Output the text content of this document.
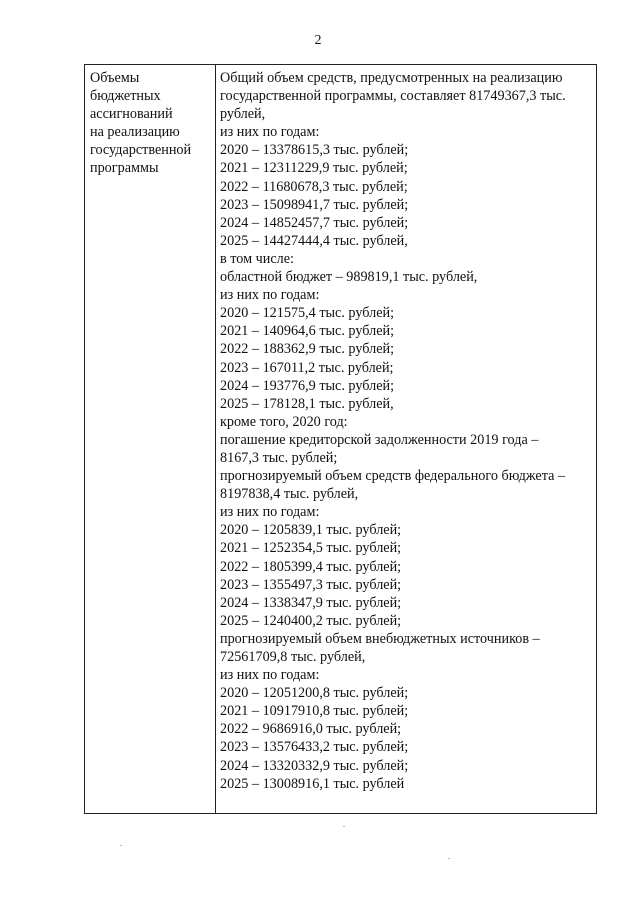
2
Объемы
бюджетных
ассигнований
на реализацию
государственной
программы
Общий объем средств, предусмотренных на реализацию
государственной программы, составляет 81749367,3 тыс.
рублей,
из них по годам:
2020 – 13378615,3 тыс. рублей;
2021 – 12311229,9 тыс. рублей;
2022 – 11680678,3 тыс. рублей;
2023 – 15098941,7 тыс. рублей;
2024 – 14852457,7 тыс. рублей;
2025 – 14427444,4 тыс. рублей,
в том числе:
областной бюджет – 989819,1 тыс. рублей,
из них по годам:
2020 – 121575,4 тыс. рублей;
2021 – 140964,6 тыс. рублей;
2022 – 188362,9 тыс. рублей;
2023 – 167011,2 тыс. рублей;
2024 – 193776,9 тыс. рублей;
2025 – 178128,1 тыс. рублей,
кроме того, 2020 год:
погашение кредиторской задолженности 2019 года –
8167,3 тыс. рублей;
прогнозируемый объем средств федерального бюджета –
8197838,4 тыс. рублей,
из них по годам:
2020 – 1205839,1 тыс. рублей;
2021 – 1252354,5 тыс. рублей;
2022 – 1805399,4 тыс. рублей;
2023 – 1355497,3 тыс. рублей;
2024 – 1338347,9 тыс. рублей;
2025 – 1240400,2 тыс. рублей;
прогнозируемый объем внебюджетных источников –
72561709,8 тыс. рублей,
из них по годам:
2020 – 12051200,8 тыс. рублей;
2021 – 10917910,8 тыс. рублей;
2022 – 9686916,0 тыс. рублей;
2023 – 13576433,2 тыс. рублей;
2024 – 13320332,9 тыс. рублей;
2025 – 13008916,1 тыс. рублей
